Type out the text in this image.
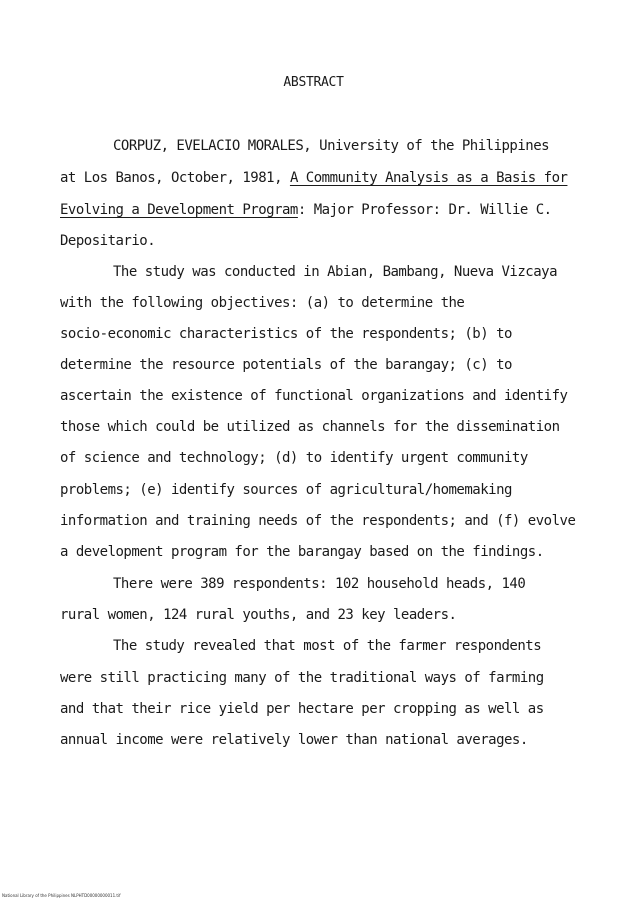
ABSTRACT
CORPUZ, EVELACIO MORALES, University of the Philippines
at Los Banos, October, 1981, A Community Analysis as a Basis for
Evolving a Development Program: Major Professor: Dr. Willie C.
Depositario.
The study was conducted in Abian, Bambang, Nueva Vizcaya
with the following objectives: (a) to determine the
socio-economic characteristics of the respondents; (b) to
determine the resource potentials of the barangay; (c) to
ascertain the existence of functional organizations and identify
those which could be utilized as channels for the dissemination
of science and technology; (d) to identify urgent community
problems; (e) identify sources of agricultural/homemaking
information and training needs of the respondents; and (f) evolve
a development program for the barangay based on the findings.
There were 389 respondents: 102 household heads, 140
rural women, 124 rural youths, and 23 key leaders.
The study revealed that most of the farmer respondents
were still practicing many of the traditional ways of farming
and that their rice yield per hectare per cropping as well as
annual income were relatively lower than national averages.
National Library of the Philippines NLPHTD00000000011.tif
